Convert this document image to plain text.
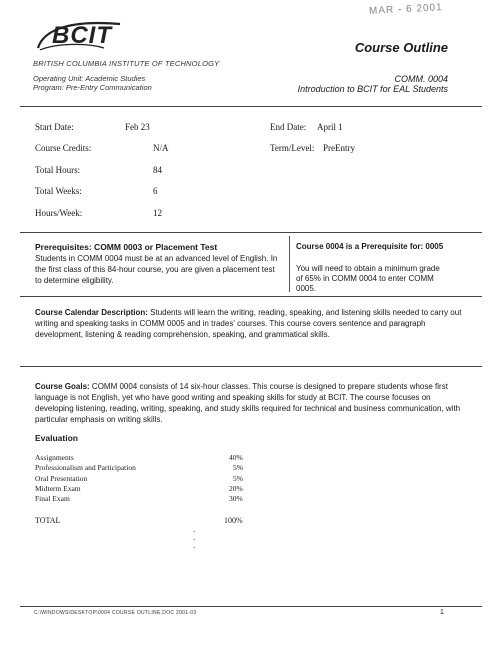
BCIT
BRITISH COLUMBIA INSTITUTE OF TECHNOLOGY
Operating Unit: Academic Studies
Program: Pre-Entry Communication
MAR - 6 2001
Course Outline
COMM. 0004
Introduction to BCIT for EAL Students
Start Date:	Feb 23	End Date: April 1
Course Credits:	N/A	Term/Level: PreEntry
Total Hours:	84
Total Weeks:	6
Hours/Week:	12
Prerequisites: COMM 0003 or Placement Test
Students in COMM 0004 must be at an advanced level of English. In the first class of this 84-hour course, you are given a placement test to determine eligibility.
Course 0004 is a Prerequisite for: 0005
You will need to obtain a minimum grade of 65% in COMM 0004 to enter COMM 0005.
Course Calendar Description: Students will learn the writing, reading, speaking, and listening skills needed to carry out writing and speaking tasks in COMM 0005 and in trades' courses. This course covers sentence and paragraph development, listening & reading comprehension, speaking, and grammatical skills.
Course Goals: COMM 0004 consists of 14 six-hour classes. This course is designed to prepare students whose first language is not English, yet who have good writing and speaking skills for study at BCIT. The course focuses on developing listening, reading, writing, speaking, and study skills required for technical and business communication, with particular emphasis on writing skills.
Evaluation
Assignments	40%
Professionalism and Participation	5%
Oral Presentation	5%
Midterm Exam	20%
Final Exam	30%
TOTAL	100%
·
·
·
C:\WINDOWS\DESKTOP\0004 COURSE OUTLINE.DOC 2001-03	1
